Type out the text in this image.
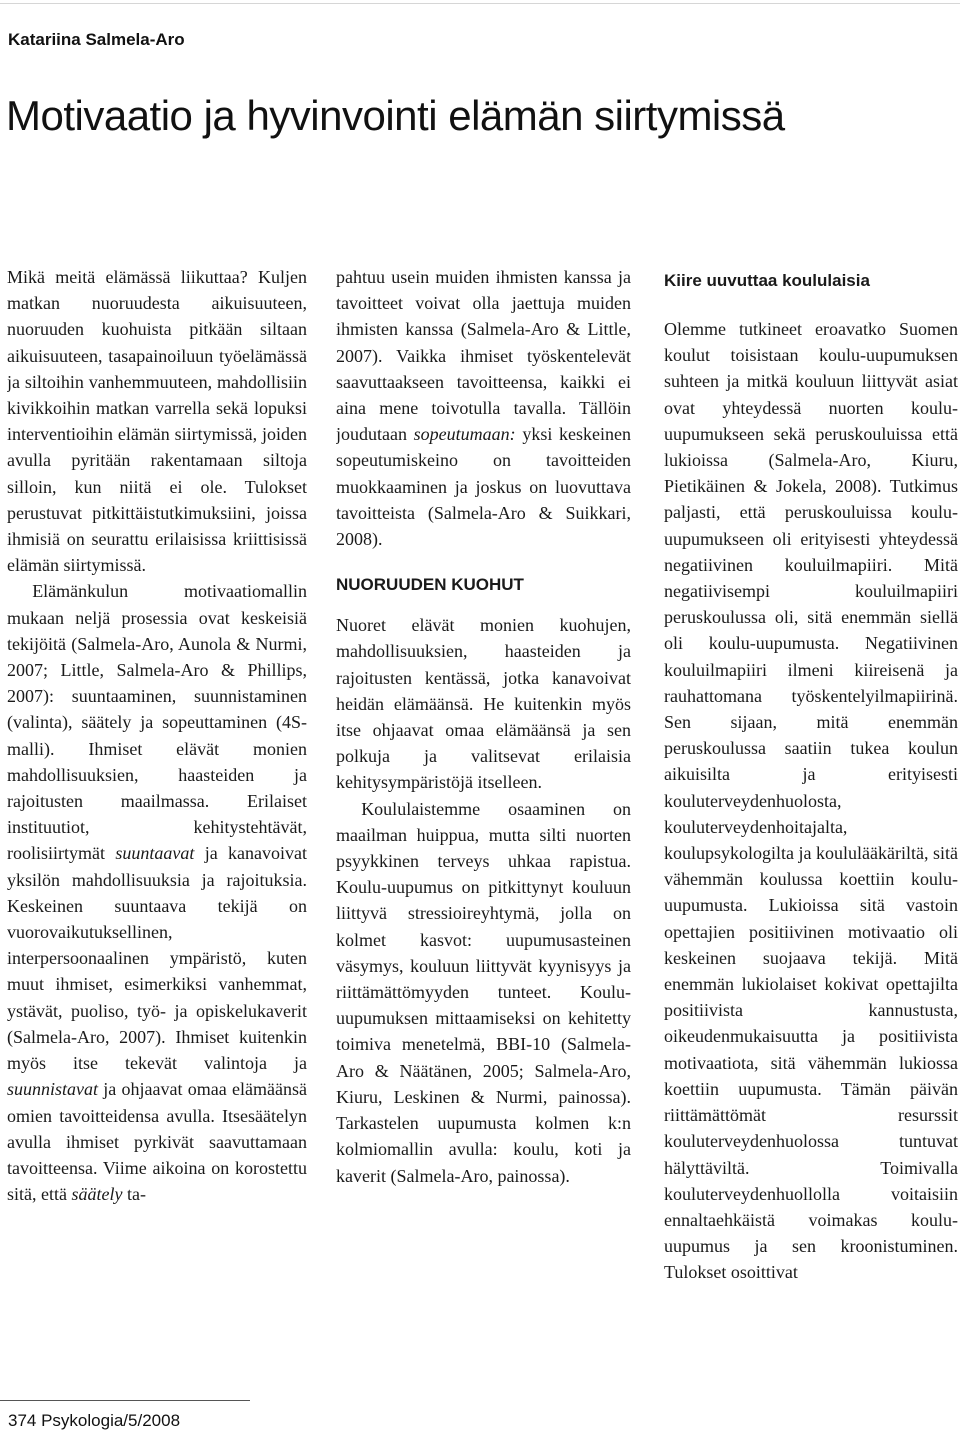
Katariina Salmela-Aro
Motivaatio ja hyvinvointi elämän siirtymissä

Mikä meitä elämässä liikuttaa? Kuljen matkan nuoruudesta aikuisuuteen, nuoruuden kuohuista pitkään siltaan aikuisuuteen, tasapainoiluun työelämässä ja siltoihin vanhemmuuteen, mahdollisiin kivikkoihin matkan varrella sekä lopuksi interventioihin elämän siirtymissä, joiden avulla pyritään rakentamaan siltoja silloin, kun niitä ei ole. Tulokset perustuvat pitkittäistutkimuksiini, joissa ihmisiä on seurattu erilaisissa kriittisissä elämän siirtymissä.

Elämänkulun motivaatiomallin mukaan neljä prosessia ovat keskeisiä tekijöitä (Salmela-Aro, Aunola & Nurmi, 2007; Little, Salmela-Aro & Phillips, 2007): suuntaaminen, suunnistaminen (valinta), säätely ja sopeuttaminen (4S-malli). Ihmiset elävät monien mahdollisuuksien, haasteiden ja rajoitusten maailmassa. Erilaiset instituutiot, kehitystehtävät, roolisiirtymät suuntaavat ja kanavoivat yksilön mahdollisuuksia ja rajoituksia. Keskeinen suuntaava tekijä on vuorovaikutuksellinen, interpersoonaalinen ympäristö, kuten muut ihmiset, esimerkiksi vanhemmat, ystävät, puoliso, työ- ja opiskelukaverit (Salmela-Aro, 2007). Ihmiset kuitenkin myös itse tekevät valintoja ja suunnistavat ja ohjaavat omaa elämäänsä omien tavoitteidensa avulla. Itsesäätelyn avulla ihmiset pyrkivät saavuttamaan tavoitteensa. Viime aikoina on korostettu sitä, että säätely ta-

pahtuu usein muiden ihmisten kanssa ja tavoitteet voivat olla jaettuja muiden ihmisten kanssa (Salmela-Aro & Little, 2007). Vaikka ihmiset työskentelevät saavuttaakseen tavoitteensa, kaikki ei aina mene toivotulla tavalla. Tällöin joudutaan sopeutumaan: yksi keskeinen sopeutumiskeino on tavoitteiden muokkaaminen ja joskus on luovuttava tavoitteista (Salmela-Aro & Suikkari, 2008).

NUORUUDEN KUOHUT

Nuoret elävät monien kuohujen, mahdollisuuksien, haasteiden ja rajoitusten kentässä, jotka kanavoivat heidän elämäänsä. He kuitenkin myös itse ohjaavat omaa elämäänsä ja sen polkuja ja valitsevat erilaisia kehitysympäristöjä itselleen.

Koululaistemme osaaminen on maailman huippua, mutta silti nuorten psyykkinen terveys uhkaa rapistua. Koulu-uupumus on pitkittynyt kouluun liittyvä stressioireyhtymä, jolla on kolmet kasvot: uupumusasteinen väsymys, kouluun liittyvät kyynisyys ja riittämättömyyden tunteet. Koulu-uupumuksen mittaamiseksi on kehitetty toimiva menetelmä, BBI-10 (Salmela-Aro & Näätänen, 2005; Salmela-Aro, Kiuru, Leskinen & Nurmi, painossa). Tarkastelen uupumusta kolmen k:n kolmiomallin avulla: koulu, koti ja kaverit (Salmela-Aro, painossa).

Kiire uuvuttaa koululaisia

Olemme tutkineet eroavatko Suomen koulut toisistaan koulu-uupumuksen suhteen ja mitkä kouluun liittyvät asiat ovat yhteydessä nuorten koulu-uupumukseen sekä peruskouluissa että lukioissa (Salmela-Aro, Kiuru, Pietikäinen & Jokela, 2008). Tutkimus paljasti, että peruskouluissa koulu-uupumukseen oli erityisesti yhteydessä negatiivinen kouluilmapiiri. Mitä negatiivisempi kouluilmapiiri peruskoulussa oli, sitä enemmän siellä oli koulu-uupumusta. Negatiivinen kouluilmapiiri ilmeni kiireisenä ja rauhattomana työskentelyilmapiirinä. Sen sijaan, mitä enemmän peruskoulussa saatiin tukea koulun aikuisilta ja erityisesti kouluterveydenhuolosta, kouluterveydenhoitajalta, koulupsykologilta ja koululääkäriltä, sitä vähemmän koulussa koettiin koulu-uupumusta. Lukioissa sitä vastoin opettajien positiivinen motivaatio oli keskeinen suojaava tekijä. Mitä enemmän lukiolaiset kokivat opettajilta positiivista kannustusta, oikeudenmukaisuutta ja positiivista motivaatiota, sitä vähemmän lukiossa koettiin uupumusta. Tämän päivän riittämättömät resurssit kouluterveydenhuolossa tuntuvat hälyttäviltä. Toimivalla kouluterveydenhuollolla voitaisiin ennaltaehkäistä voimakas koulu-uupumus ja sen kroonistuminen. Tulokset osoittivat

374 Psykologia/5/2008
